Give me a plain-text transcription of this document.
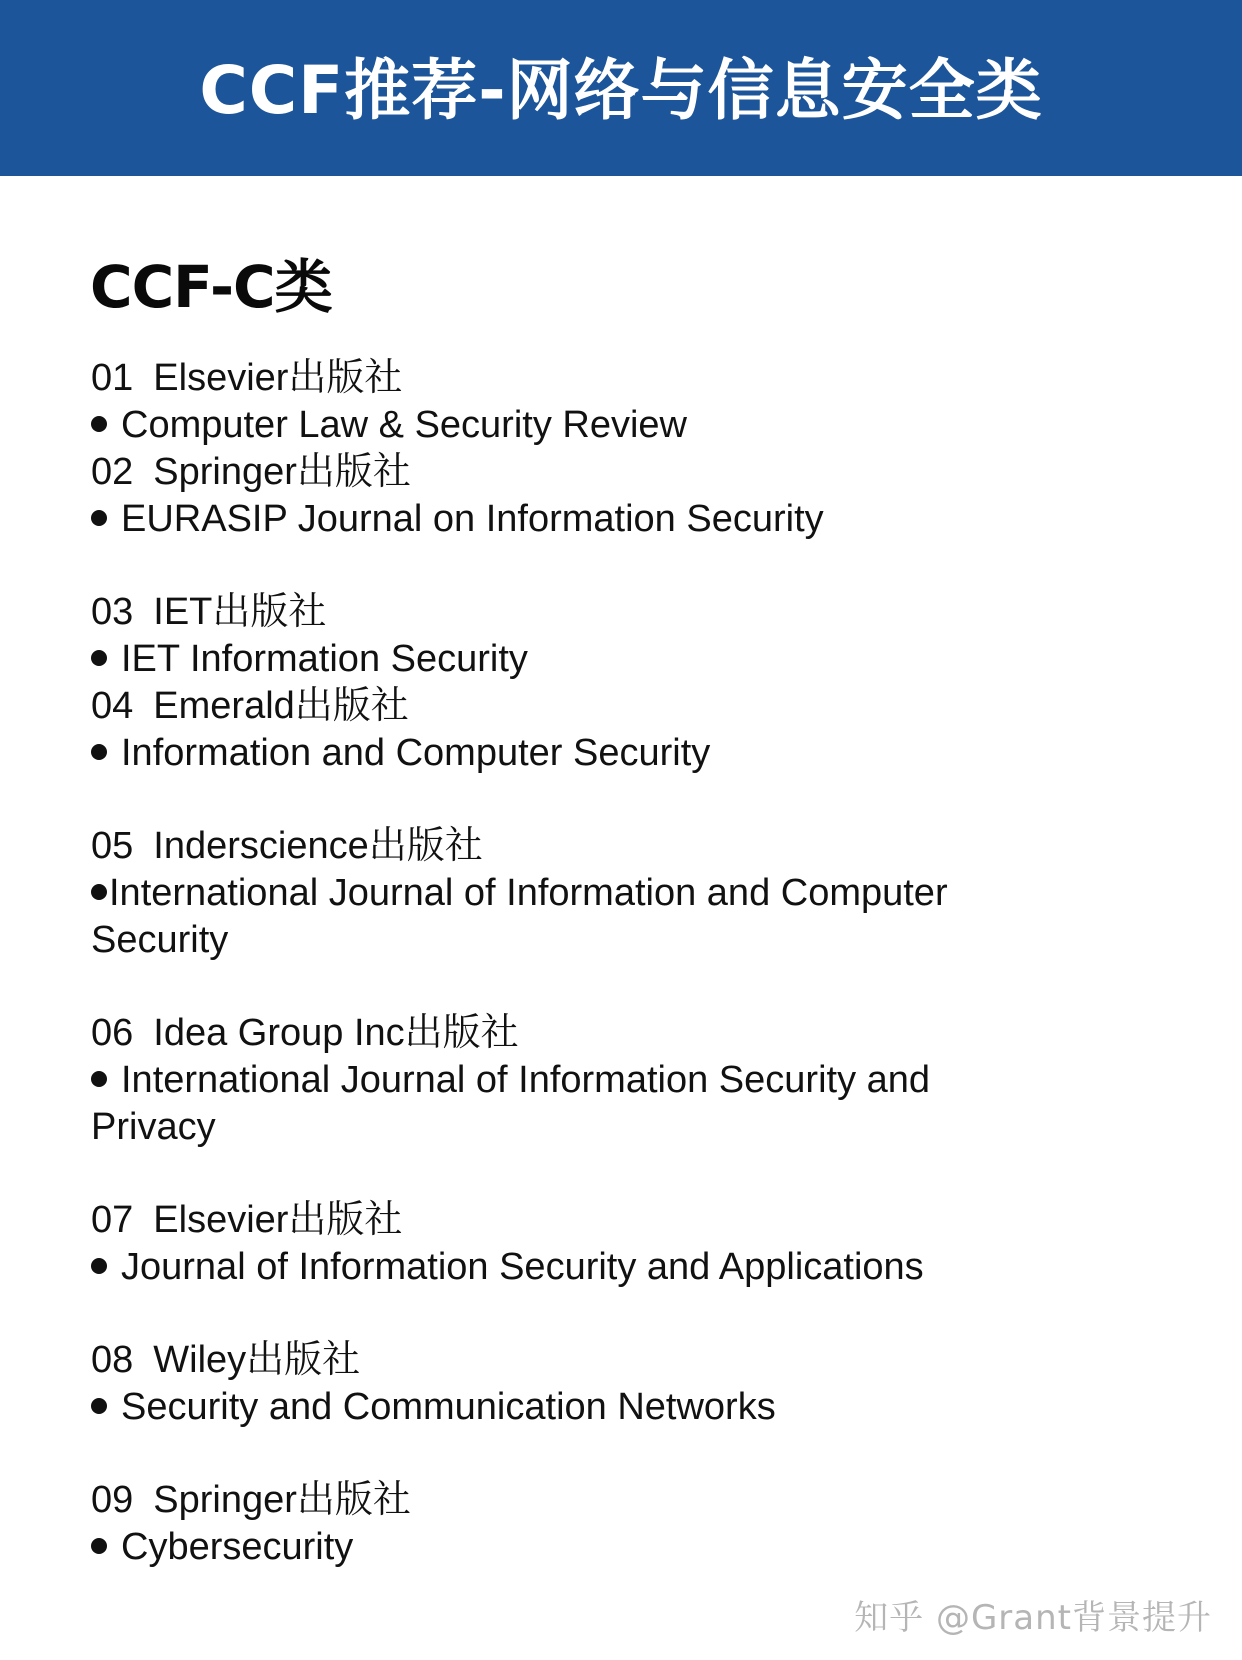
CCF推荐-网络与信息安全类
CCF-C类
01 Elsevier出版社
Computer Law & Security Review
02 Springer出版社
EURASIP Journal on Information Security
03 IET出版社
IET Information Security
04 Emerald出版社
Information and Computer Security
05 Inderscience出版社
International Journal of Information and Computer
Security
06 Idea Group Inc出版社
International Journal of Information Security and
Privacy
07 Elsevier出版社
Journal of Information Security and Applications
08 Wiley出版社
Security and Communication Networks
09 Springer出版社
Cybersecurity
知乎 @Grant背景提升
